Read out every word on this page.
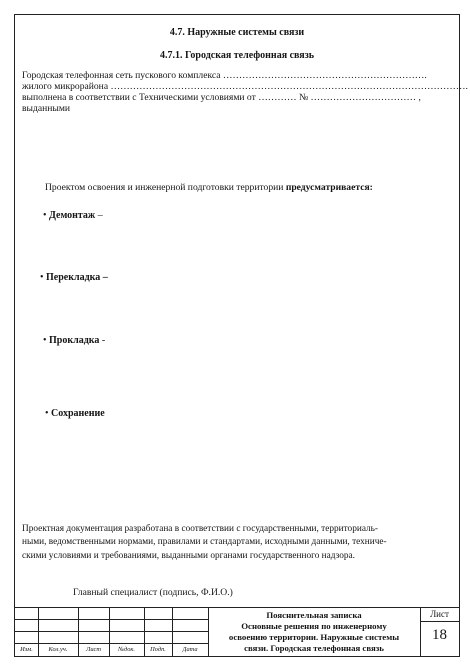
4.7. Наружные системы связи
4.7.1. Городская телефонная связь
Городская телефонная сеть пускового комплекса ……………………………………………………….
жилого микрорайона ………………………………………………………………………………………………….
выполнена в соответствии с Техническими условиями от ………… № …………………………… ,
выданными
Проектом освоения и инженерной подготовки территории предусматривается:
• Демонтаж –
• Перекладка –
• Прокладка -
• Сохранение
Проектная документация разработана в соответствии с государственными, территориаль-
ными, ведомственными нормами, правилами и стандартами, исходными данными, техниче-
скими условиями и требованиями, выданными органами государственного надзора.
Главный специалист (подпись, Ф.И.О.)
Изм.	Кол.уч.	Лист	№док.	Подп.	Дата
Пояснительная записка
Основные решения по инженерному
освоению территории. Наружные системы
связи. Городская телефонная связь
Лист
18
